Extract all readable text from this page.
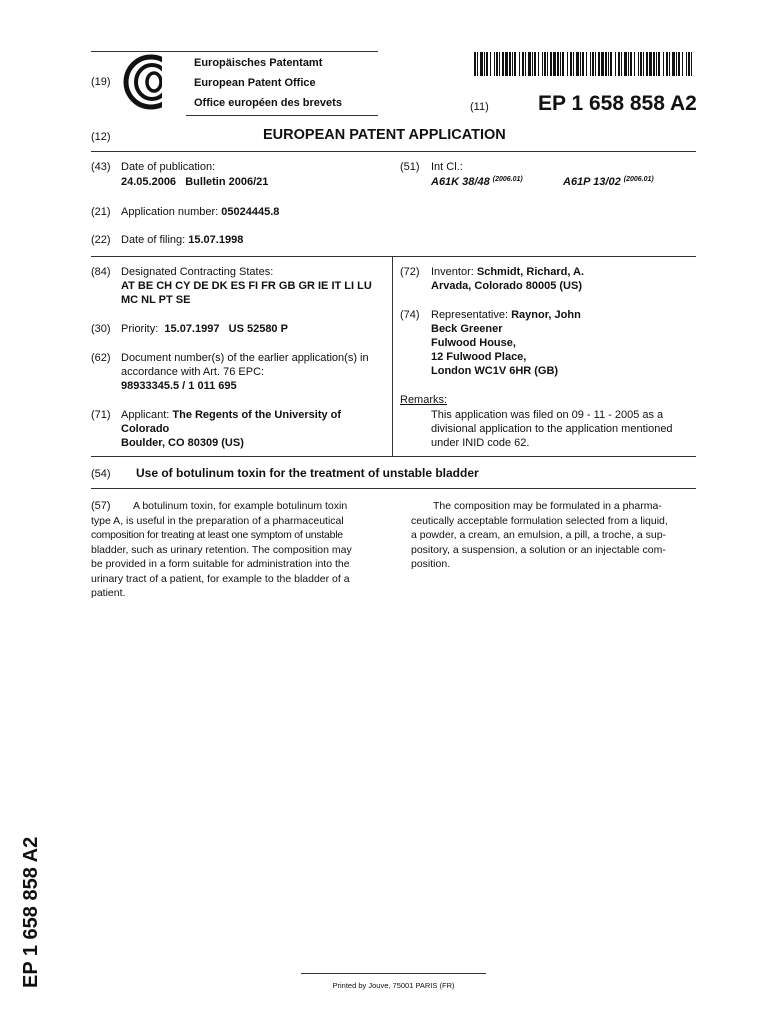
(19)
Europäisches Patentamt
European Patent Office
Office européen des brevets	(11) EP 1 658 858 A2
(12)	EUROPEAN PATENT APPLICATION
(43) Date of publication:
24.05.2006   Bulletin 2006/21
(51) Int Cl.:
A61K 38/48 $^{(2006.01)}$	A61P 13/02 $^{(2006.01)}$
(21) Application number: 05024445.8
(22) Date of filing: 15.07.1998
(84) Designated Contracting States:
AT BE CH CY DE DK ES FI FR GB GR IE IT LI LU
MC NL PT SE
(30) Priority: 15.07.1997   US 52580 P
(62) Document number(s) of the earlier application(s) in
accordance with Art. 76 EPC:
98933345.5 / 1 011 695
(71) Applicant: The Regents of the University of
Colorado
Boulder, CO 80309 (US)
(72) Inventor: Schmidt, Richard, A.
Arvada, Colorado 80005 (US)
(74) Representative: Raynor, John
Beck Greener
Fulwood House,
12 Fulwood Place,
London WC1V 6HR (GB)
Remarks:
This application was filed on 09 - 11 - 2005 as a
divisional application to the application mentioned
under INID code 62.
(54) Use of botulinum toxin for the treatment of unstable bladder
(57)	A botulinum toxin, for example botulinum toxin
type A, is useful in the preparation of a pharmaceutical
composition for treating at least one symptom of unstable
bladder, such as urinary retention. The composition may
be provided in a form suitable for administration into the
urinary tract of a patient, for example to the bladder of a
patient.
The composition may be formulated in a pharma-
ceutically acceptable formulation selected from a liquid,
a powder, a cream, an emulsion, a pill, a troche, a sup-
pository, a suspension, a solution or an injectable com-
position.
EP 1 658 858 A2	Printed by Jouve, 75001 PARIS (FR)
